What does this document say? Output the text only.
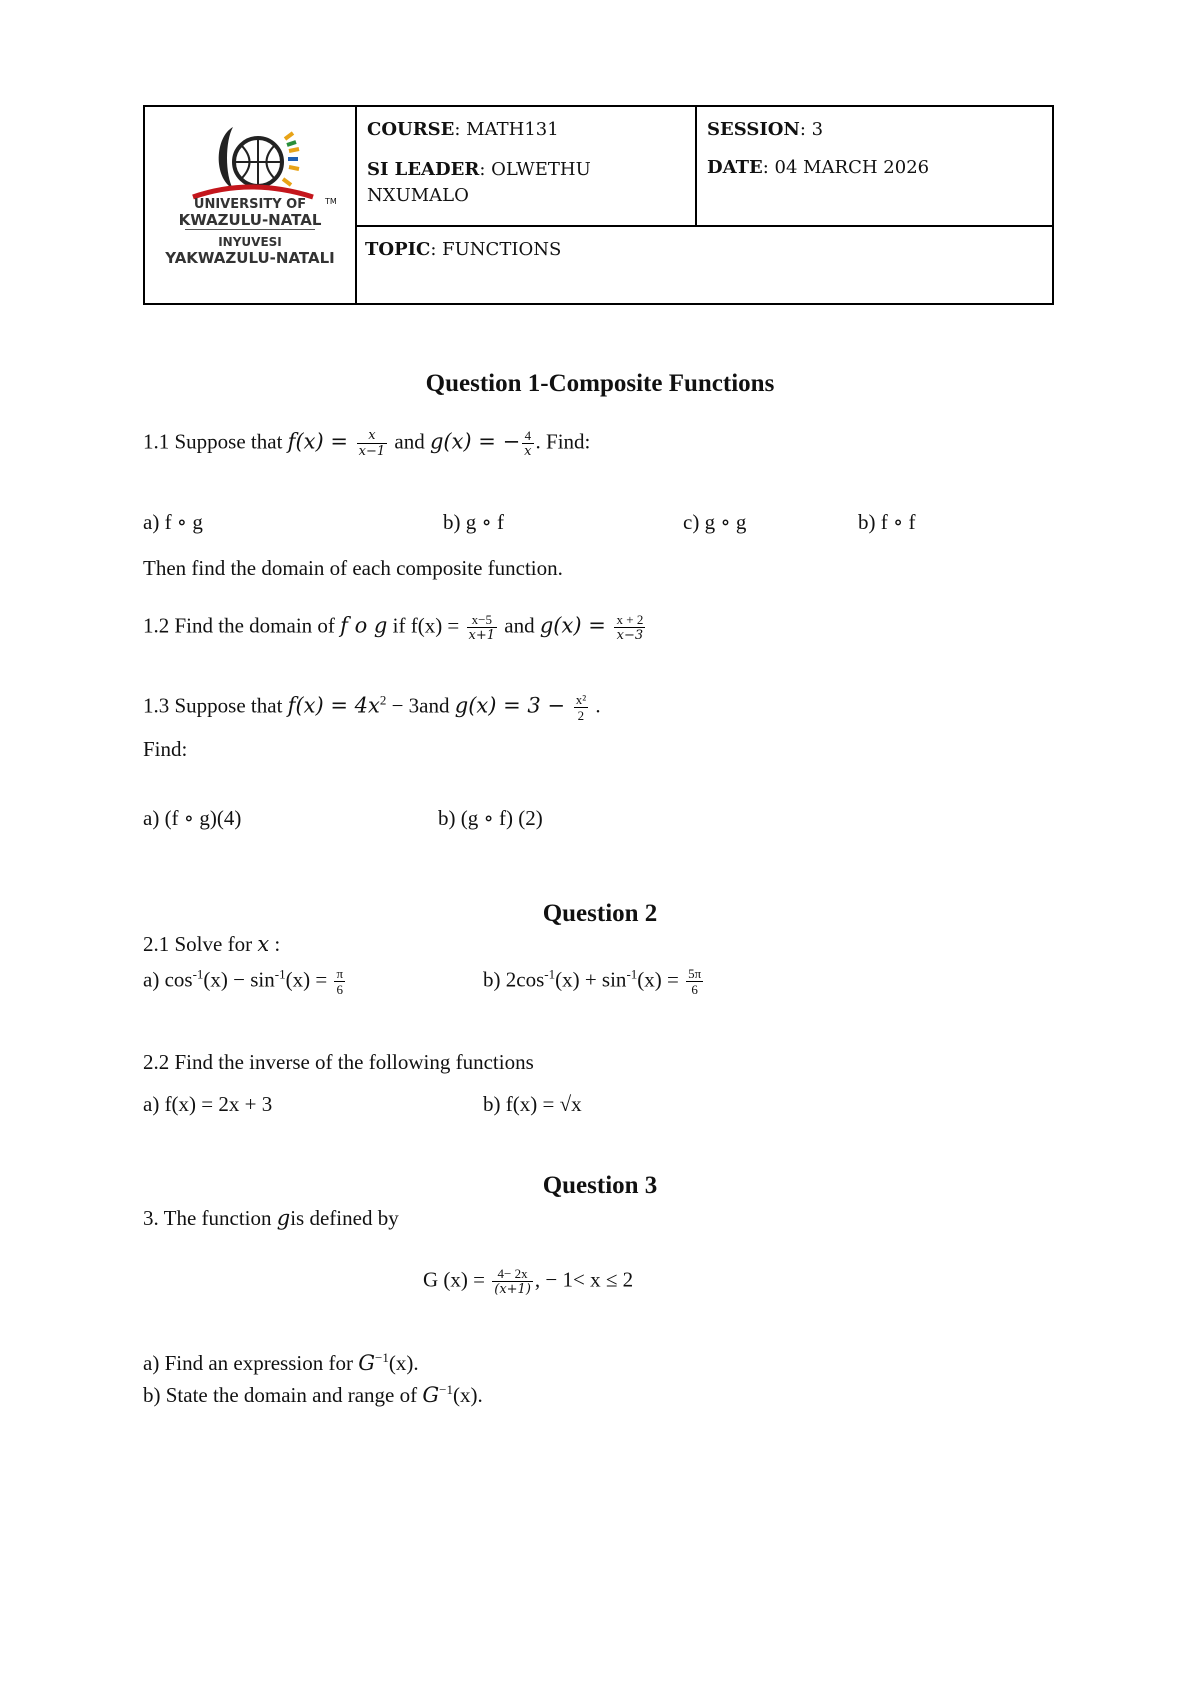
UNIVERSITY OF
KWAZULU-NATAL
INYUVESI
YAKWAZULU-NATALI
TM
COURSE: MATH131
SI LEADER: OLWETHU
NXUMALO
SESSION: 3
DATE: 04 MARCH 2026
TOPIC: FUNCTIONS
Question 1-Composite Functions
1.1 Suppose that $f(x) = \frac{x}{x-1}$ and g(x) = − $\frac{4}{x}$ . Find:
a) f ∘ g	b) g ∘ f	c) g ∘ g	b) f ∘ f
Then find the domain of each composite function.
1.2 Find the domain of f o g if $f(x) = \frac{x-5}{x+1}$ and $g(x) = \frac{x + 2}{x-3}$
1.3 Suppose that $f(x) = 4x^2 - 3and$ $g(x) = 3 - \frac{\text{x²}}{2}$ .
Find:
a) (f ∘ g)(4)	b) (g ∘ f) (2)
Question 2
2.1 Solve for x :
a) $\cos^{-1}(x) - \sin^{-1}(x) = \frac{\pi}{6}$	b) $2\cos^{-1}(x) + \sin^{-1}(x) = \frac{5\pi}{6}$
2.2 Find the inverse of the following functions
a) f(x) = 2x + 3	b) f(x) = √x
Question 3
3. The function gis defined by
G $(x) = \frac{4- 2x}{(x+1)}$ , − 1< x ≤ 2
a) Find an expression for $G^{-1}(x)$.
b) State the domain and range of $G^{-1}(x)$.
